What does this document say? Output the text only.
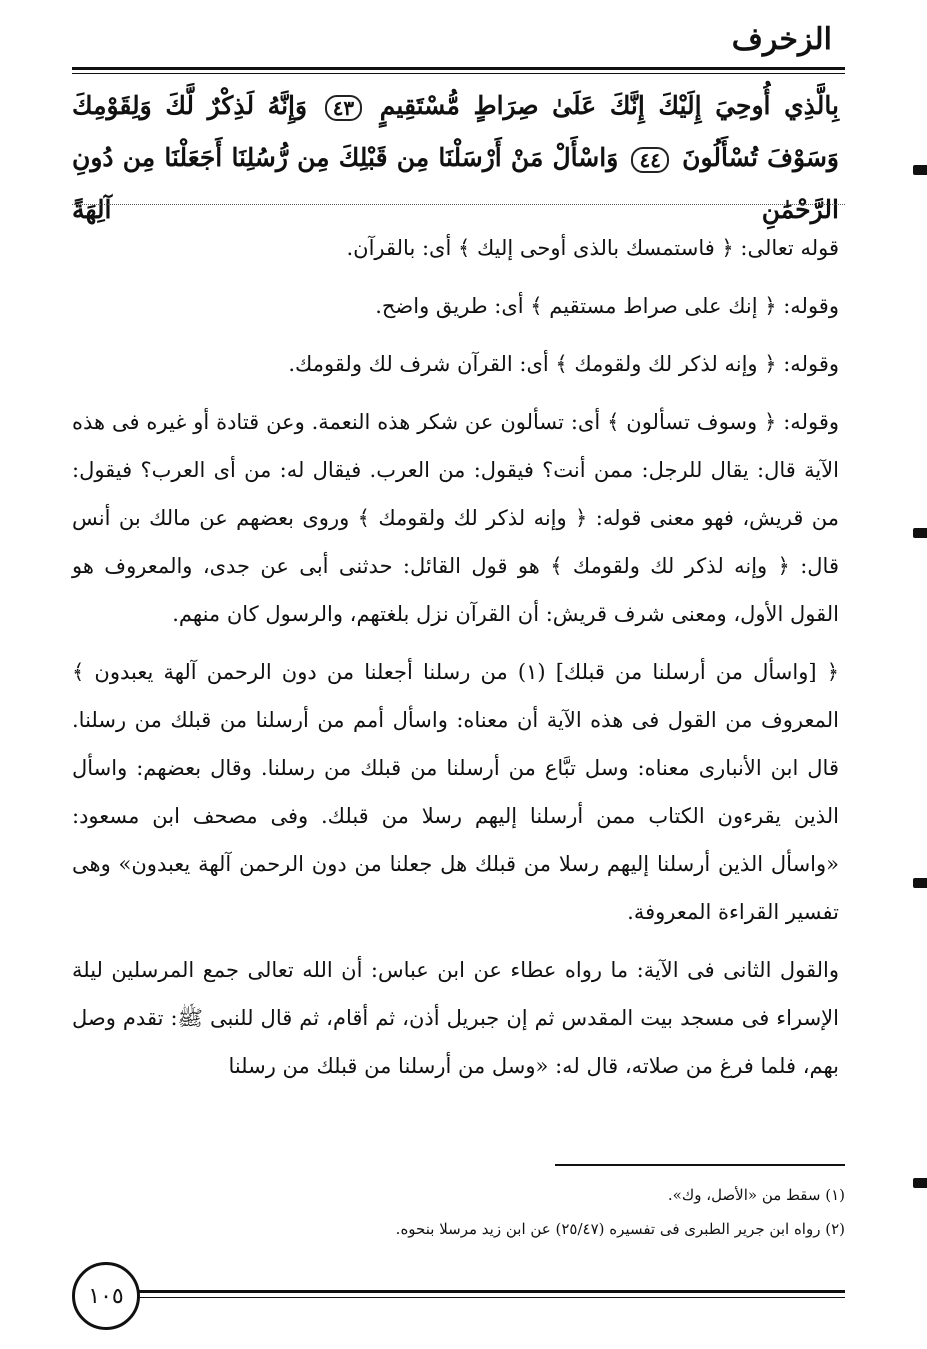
الزخرف
بِالَّذِي أُوحِيَ إِلَيْكَ إِنَّكَ عَلَىٰ صِرَاطٍ مُّسْتَقِيمٍ ٤٣ وَإِنَّهُ لَذِكْرٌ لَّكَ وَلِقَوْمِكَ وَسَوْفَ تُسْأَلُونَ ٤٤ وَاسْأَلْ مَنْ أَرْسَلْنَا مِن قَبْلِكَ مِن رُّسُلِنَا أَجَعَلْنَا مِن دُونِ الرَّحْمَٰنِ آلِهَةً

قوله تعالى: ﴿ فاستمسك بالذى أوحى إليك ﴾ أى: بالقرآن.

وقوله: ﴿ إنك على صراط مستقيم ﴾ أى: طريق واضح.

وقوله: ﴿ وإنه لذكر لك ولقومك ﴾ أى: القرآن شرف لك ولقومك.

وقوله: ﴿ وسوف تسألون ﴾ أى: تسألون عن شكر هذه النعمة. وعن قتادة أو غيره فى هذه الآية قال: يقال للرجل: ممن أنت؟ فيقول: من العرب. فيقال له: من أى العرب؟ فيقول: من قريش، فهو معنى قوله: ﴿ وإنه لذكر لك ولقومك ﴾ وروى بعضهم عن مالك بن أنس قال: ﴿ وإنه لذكر لك ولقومك ﴾ هو قول القائل: حدثنى أبى عن جدى، والمعروف هو القول الأول، ومعنى شرف قريش: أن القرآن نزل بلغتهم، والرسول كان منهم.

﴿ [واسأل من أرسلنا من قبلك] (١) من رسلنا أجعلنا من دون الرحمن آلهة يعبدون ﴾ المعروف من القول فى هذه الآية أن معناه: واسأل أمم من أرسلنا من قبلك من رسلنا. قال ابن الأنبارى معناه: وسل تبَّاع من أرسلنا من قبلك من رسلنا. وقال بعضهم: واسأل الذين يقرءون الكتاب ممن أرسلنا إليهم رسلا من قبلك. وفى مصحف ابن مسعود: «واسأل الذين أرسلنا إليهم رسلا من قبلك هل جعلنا من دون الرحمن آلهة يعبدون» وهى تفسير القراءة المعروفة.

والقول الثانى فى الآية: ما رواه عطاء عن ابن عباس: أن الله تعالى جمع المرسلين ليلة الإسراء فى مسجد بيت المقدس ثم إن جبريل أذن، ثم أقام، ثم قال للنبى ﷺ: تقدم وصل بهم، فلما فرغ من صلاته، قال له: «وسل من أرسلنا من قبلك من رسلنا

(١) سقط من «الأصل، وك».
(٢) رواه ابن جرير الطبرى فى تفسيره (٢٥/٤٧) عن ابن زيد مرسلا بنحوه.
١٠٥
